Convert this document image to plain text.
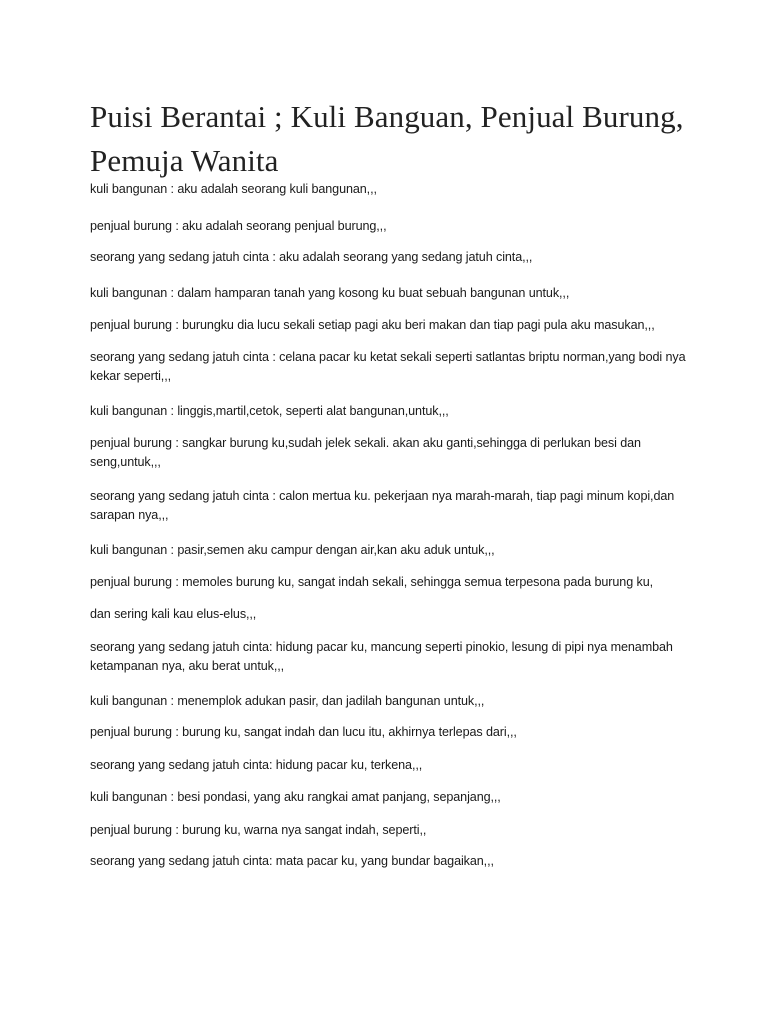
Puisi Berantai ; Kuli Banguan, Penjual Burung, Pemuja Wanita

kuli bangunan : aku adalah seorang kuli bangunan,,,

penjual burung : aku adalah seorang penjual burung,,,

seorang yang sedang jatuh cinta : aku adalah seorang yang sedang jatuh cinta,,,

kuli bangunan : dalam hamparan tanah yang kosong ku buat sebuah bangunan untuk,,,

penjual burung : burungku dia lucu sekali setiap pagi aku beri makan dan tiap pagi pula aku masukan,,,

seorang yang sedang jatuh cinta : celana pacar ku ketat sekali seperti satlantas briptu norman,yang bodi nya kekar seperti,,,

kuli bangunan : linggis,martil,cetok, seperti alat bangunan,untuk,,,

penjual burung : sangkar burung ku,sudah jelek sekali. akan aku ganti,sehingga di perlukan besi dan seng,untuk,,,

seorang yang sedang jatuh cinta : calon mertua ku. pekerjaan nya marah-marah, tiap pagi minum kopi,dan sarapan nya,,,

kuli bangunan : pasir,semen aku campur dengan air,kan aku aduk untuk,,,

penjual burung : memoles burung ku, sangat indah sekali, sehingga semua terpesona pada burung ku,

dan sering kali kau elus-elus,,,

seorang yang sedang jatuh cinta: hidung pacar ku, mancung seperti pinokio, lesung di pipi nya menambah ketampanan nya, aku berat untuk,,,

kuli bangunan : menemplok adukan pasir, dan jadilah bangunan untuk,,,

penjual burung : burung ku, sangat indah dan lucu itu, akhirnya terlepas dari,,,

seorang yang sedang jatuh cinta: hidung pacar ku, terkena,,,

kuli bangunan : besi pondasi, yang aku rangkai amat panjang, sepanjang,,,

penjual burung : burung ku, warna nya sangat indah, seperti,,

seorang yang sedang jatuh cinta: mata pacar ku, yang bundar bagaikan,,,
